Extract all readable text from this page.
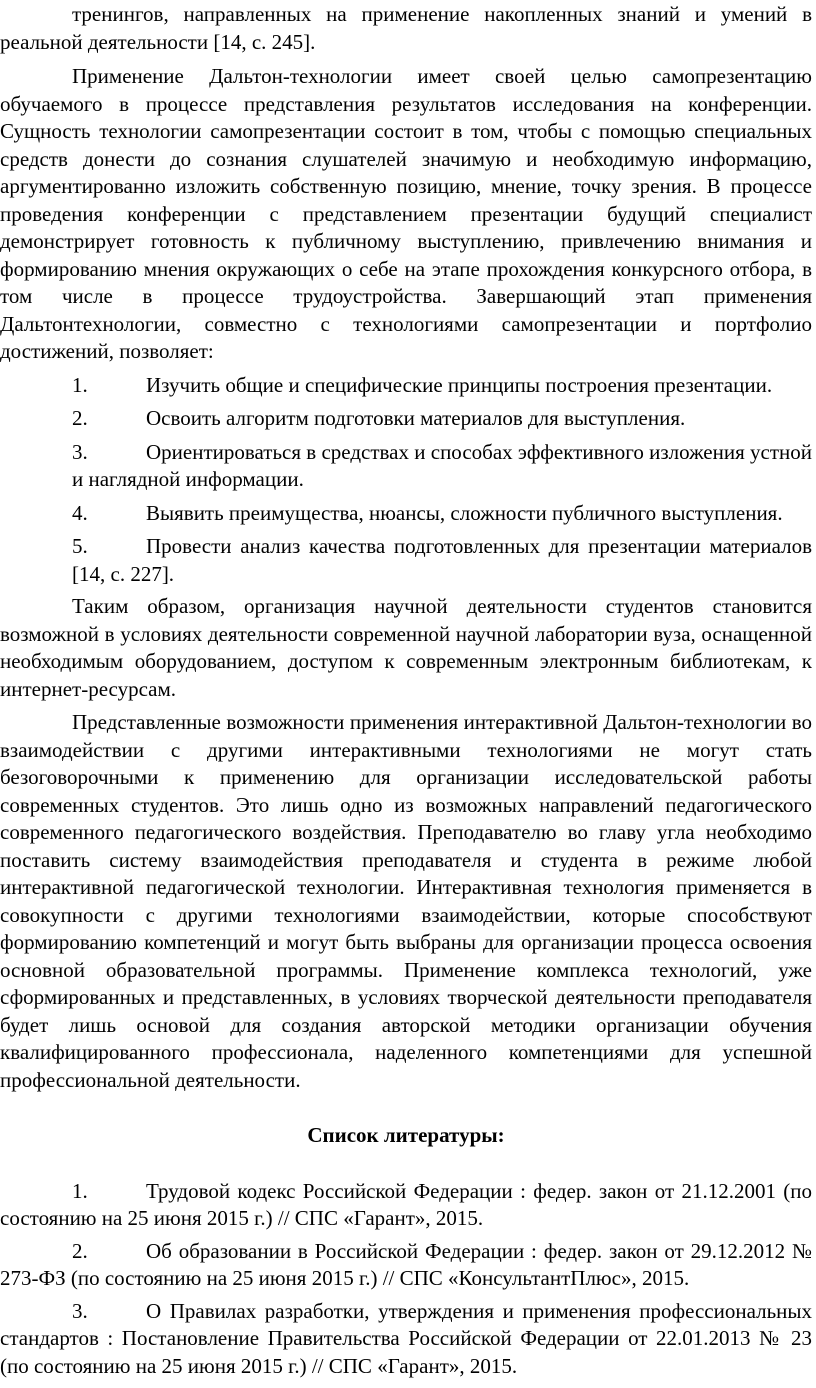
тренингов, направленных на применение накопленных знаний и умений в реальной деятельности [14, с. 245].

Применение Дальтон-технологии имеет своей целью самопрезентацию обучаемого в процессе представления результатов исследования на конференции. Сущность технологии самопрезентации состоит в том, чтобы с помощью специальных средств донести до сознания слушателей значимую и необходимую информацию, аргументированно изложить собственную позицию, мнение, точку зрения. В процессе проведения конференции с представлением презентации будущий специалист демонстрирует готовность к публичному выступлению, привлечению внимания и формированию мнения окружающих о себе на этапе прохождения конкурсного отбора, в том числе в процессе трудоустройства. Завершающий этап применения Дальтонтехнологии, совместно с технологиями самопрезентации и портфолио достижений, позволяет:

1.	Изучить общие и специфические принципы построения презентации.
2.	Освоить алгоритм подготовки материалов для выступления.
3.	Ориентироваться в средствах и способах эффективного изложения устной и наглядной информации.
4.	Выявить преимущества, нюансы, сложности публичного выступления.
5.	Провести анализ качества подготовленных для презентации материалов [14, с. 227].

Таким образом, организация научной деятельности студентов становится возможной в условиях деятельности современной научной лаборатории вуза, оснащенной необходимым оборудованием, доступом к современным электронным библиотекам, к интернет-ресурсам.

Представленные возможности применения интерактивной Дальтон-технологии во взаимодействии с другими интерактивными технологиями не могут стать безоговорочными к применению для организации исследовательской работы современных студентов. Это лишь одно из возможных направлений педагогического современного педагогического воздействия. Преподавателю во главу угла необходимо поставить систему взаимодействия преподавателя и студента в режиме любой интерактивной педагогической технологии. Интерактивная технология применяется в совокупности с другими технологиями взаимодействии, которые способствуют формированию компетенций и могут быть выбраны для организации процесса освоения основной образовательной программы. Применение комплекса технологий, уже сформированных и представленных, в условиях творческой деятельности преподавателя будет лишь основой для создания авторской методики организации обучения квалифицированного профессионала, наделенного компетенциями для успешной профессиональной деятельности.

Список литературы:
1.	Трудовой кодекс Российской Федерации : федер. закон от 21.12.2001 (по состоянию на 25 июня 2015 г.) // СПС «Гарант», 2015.
2.	Об образовании в Российской Федерации : федер. закон от 29.12.2012 № 273-ФЗ (по состоянию на 25 июня 2015 г.) // СПС «КонсультантПлюс», 2015.
3.	О Правилах разработки, утверждения и применения профессиональных стандартов : Постановление Правительства Российской Федерации от 22.01.2013 № 23 (по состоянию на 25 июня 2015 г.) // СПС «Гарант», 2015.
